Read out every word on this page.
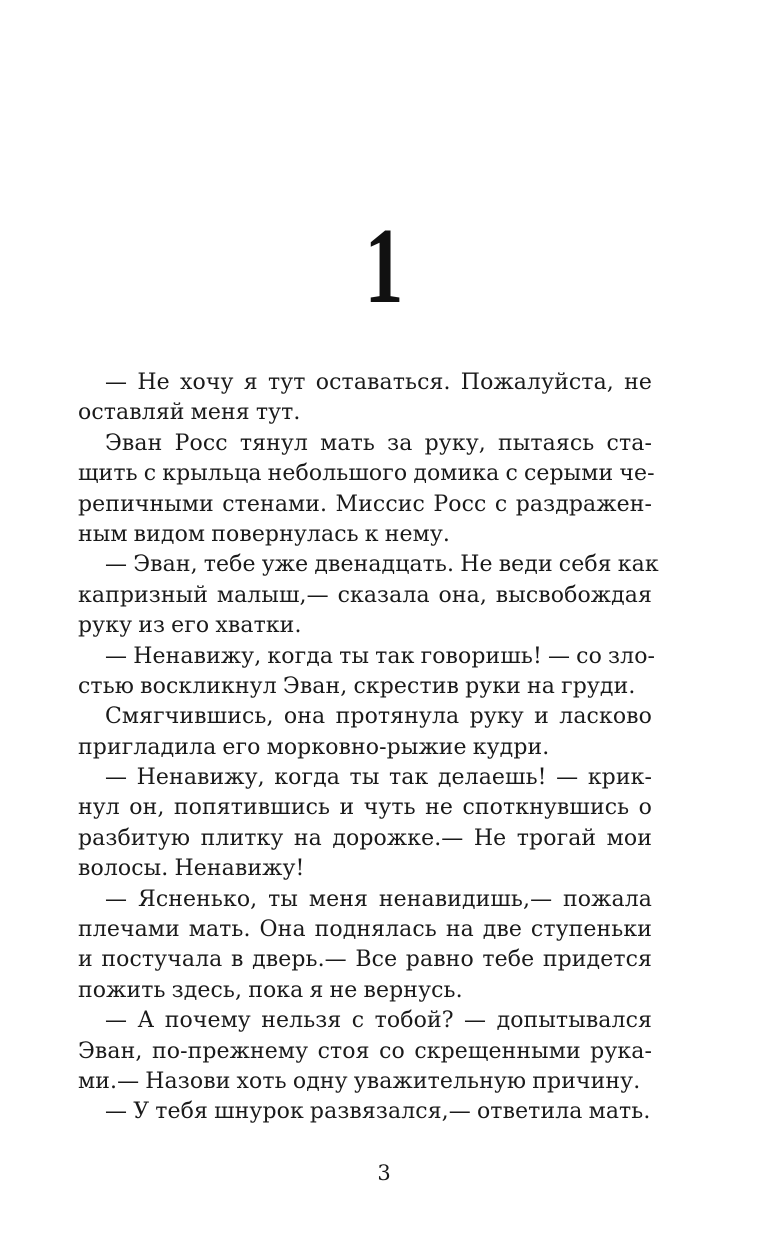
1
— Не хочу я тут оставаться. Пожалуйста, не
оставляй меня тут.
Эван Росс тянул мать за руку, пытаясь ста-
щить с крыльца небольшого домика с серыми че-
репичными стенами. Миссис Росс с раздражен-
ным видом повернулась к нему.
— Эван, тебе уже двенадцать. Не веди себя как
капризный малыш,— сказала она, высвобождая
руку из его хватки.
— Ненавижу, когда ты так говоришь! — со зло-
стью воскликнул Эван, скрестив руки на груди.
Смягчившись, она протянула руку и ласково
пригладила его морковно-рыжие кудри.
— Ненавижу, когда ты так делаешь! — крик-
нул он, попятившись и чуть не споткнувшись о
разбитую плитку на дорожке.— Не трогай мои
волосы. Ненавижу!
— Ясненько, ты меня ненавидишь,— пожала
плечами мать. Она поднялась на две ступеньки
и постучала в дверь.— Все равно тебе придется
пожить здесь, пока я не вернусь.
— А почему нельзя с тобой? — допытывался
Эван, по-прежнему стоя со скрещенными рука-
ми.— Назови хоть одну уважительную причину.
— У тебя шнурок развязался,— ответила мать.
3
